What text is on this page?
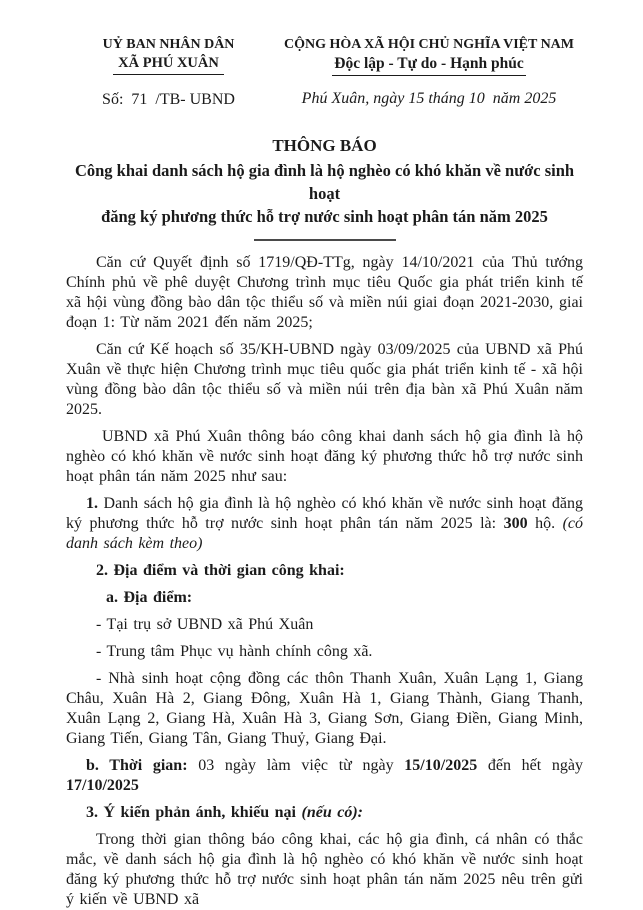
UỶ BAN NHÂN DÂN
XÃ PHÚ XUÂN
Số:  71  /TB- UBND
CỘNG HÒA XÃ HỘI CHỦ NGHĨA VIỆT NAM
Độc lập - Tự do - Hạnh phúc
Phú Xuân, ngày 15 tháng 10  năm 2025
THÔNG BÁO
Công khai danh sách hộ gia đình là hộ nghèo có khó khăn về nước sinh hoạt
đăng ký phương thức hỗ trợ nước sinh hoạt phân tán năm 2025

Căn cứ Quyết định số 1719/QĐ-TTg, ngày 14/10/2021 của Thủ tướng Chính phủ về phê duyệt Chương trình mục tiêu Quốc gia phát triển kinh tế xã hội vùng đồng bào dân tộc thiểu số và miền núi giai đoạn 2021-2030, giai đoạn 1: Từ năm 2021 đến năm 2025;

Căn cứ Kế hoạch số 35/KH-UBND ngày 03/09/2025 của UBND xã Phú Xuân về thực hiện Chương trình mục tiêu quốc gia phát triển kinh tế - xã hội vùng đồng bào dân tộc thiểu số và miền núi trên địa bàn xã Phú Xuân năm 2025.

UBND xã Phú Xuân thông báo công khai danh sách hộ gia đình là hộ nghèo có khó khăn về nước sinh hoạt đăng ký phương thức hỗ trợ nước sinh hoạt phân tán năm 2025 như sau:

1. Danh sách hộ gia đình là hộ nghèo có khó khăn về nước sinh hoạt đăng ký phương thức hỗ trợ nước sinh hoạt phân tán năm 2025 là: 300 hộ. (có danh sách kèm theo)

2. Địa điểm và thời gian công khai:

a. Địa điểm:

- Tại trụ sở UBND xã Phú Xuân

- Trung tâm Phục vụ hành chính công xã.

- Nhà sinh hoạt cộng đồng các thôn Thanh Xuân, Xuân Lạng 1, Giang Châu, Xuân Hà 2, Giang Đông, Xuân Hà 1, Giang Thành, Giang Thanh, Xuân Lạng 2, Giang Hà, Xuân Hà 3, Giang Sơn, Giang Điền, Giang Minh, Giang Tiến, Giang Tân, Giang Thuỷ, Giang Đại.

b. Thời gian: 03 ngày làm việc từ ngày 15/10/2025 đến hết ngày 17/10/2025

3. Ý kiến phản ánh, khiếu nại (nếu có):

Trong thời gian thông báo công khai, các hộ gia đình, cá nhân có thắc mắc, về danh sách hộ gia đình là hộ nghèo có khó khăn về nước sinh hoạt đăng ký phương thức hỗ trợ nước sinh hoạt phân tán năm 2025 nêu trên gửi ý kiến về UBND xã
